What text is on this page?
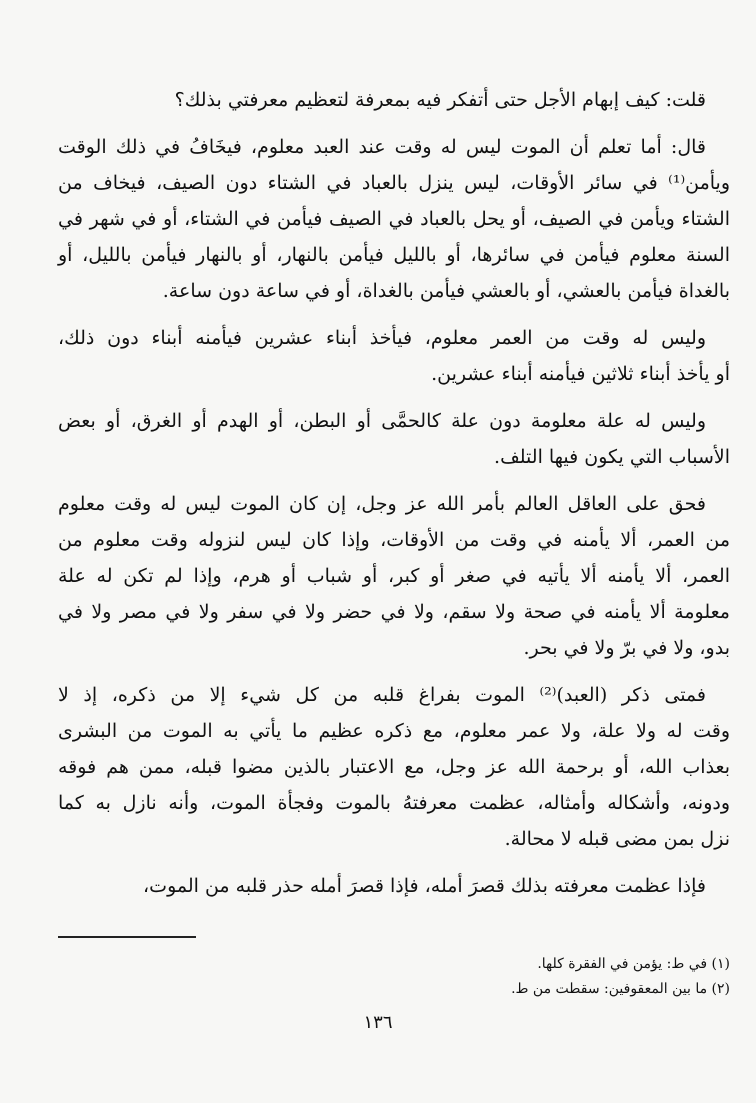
قلت: كيف إبهام الأجل حتى أتفكر فيه بمعرفة لتعظيم معرفتي بذلك؟

قال: أما تعلم أن الموت ليس له وقت عند العبد معلوم، فيخَافُ في ذلك الوقت
ويأمن⁽¹⁾ في سائر الأوقات، ليس ينزل بالعباد في الشتاء دون الصيف، فيخاف من
الشتاء ويأمن في الصيف، أو يحل بالعباد في الصيف فيأمن في الشتاء، أو في شهر في
السنة معلوم فيأمن في سائرها، أو بالليل فيأمن بالنهار، أو بالنهار فيأمن بالليل، أو
بالغداة فيأمن بالعشي، أو بالعشي فيأمن بالغداة، أو في ساعة دون ساعة.

وليس له وقت من العمر معلوم، فيأخذ أبناء عشرين فيأمنه أبناء دون ذلك،
أو يأخذ أبناء ثلاثين فيأمنه أبناء عشرين.

وليس له علة معلومة دون علة كالحمَّى أو البطن، أو الهدم أو الغرق، أو بعض
الأسباب التي يكون فيها التلف.

فحق على العاقل العالم بأمر الله عز وجل، إن كان الموت ليس له وقت معلوم
من العمر، ألا يأمنه في وقت من الأوقات، وإذا كان ليس لنزوله وقت معلوم من
العمر، ألا يأمنه ألا يأتيه في صغر أو كبر، أو شباب أو هرم، وإذا لم تكن له علة
معلومة ألا يأمنه في صحة ولا سقم، ولا في حضر ولا في سفر ولا في مصر ولا في
بدو، ولا في برّ ولا في بحر.

فمتى ذكر (العبد)⁽²⁾ الموت بفراغ قلبه من كل شيء إلا من ذكره، إذ لا
وقت له ولا علة، ولا عمر معلوم، مع ذكره عظيم ما يأتي به الموت من البشرى
بعذاب الله، أو برحمة الله عز وجل، مع الاعتبار بالذين مضوا قبله، ممن هم فوقه
ودونه، وأشكاله وأمثاله، عظمت معرفتهُ بالموت وفجأة الموت، وأنه نازل به كما
نزل بمن مضى قبله لا محالة.

فإذا عظمت معرفته بذلك قصرَ أمله، فإذا قصرَ أمله حذر قلبه من الموت،

(١) في ط: يؤمن في الفقرة كلها.
(٢) ما بين المعقوفين: سقطت من ط.
١٣٦
